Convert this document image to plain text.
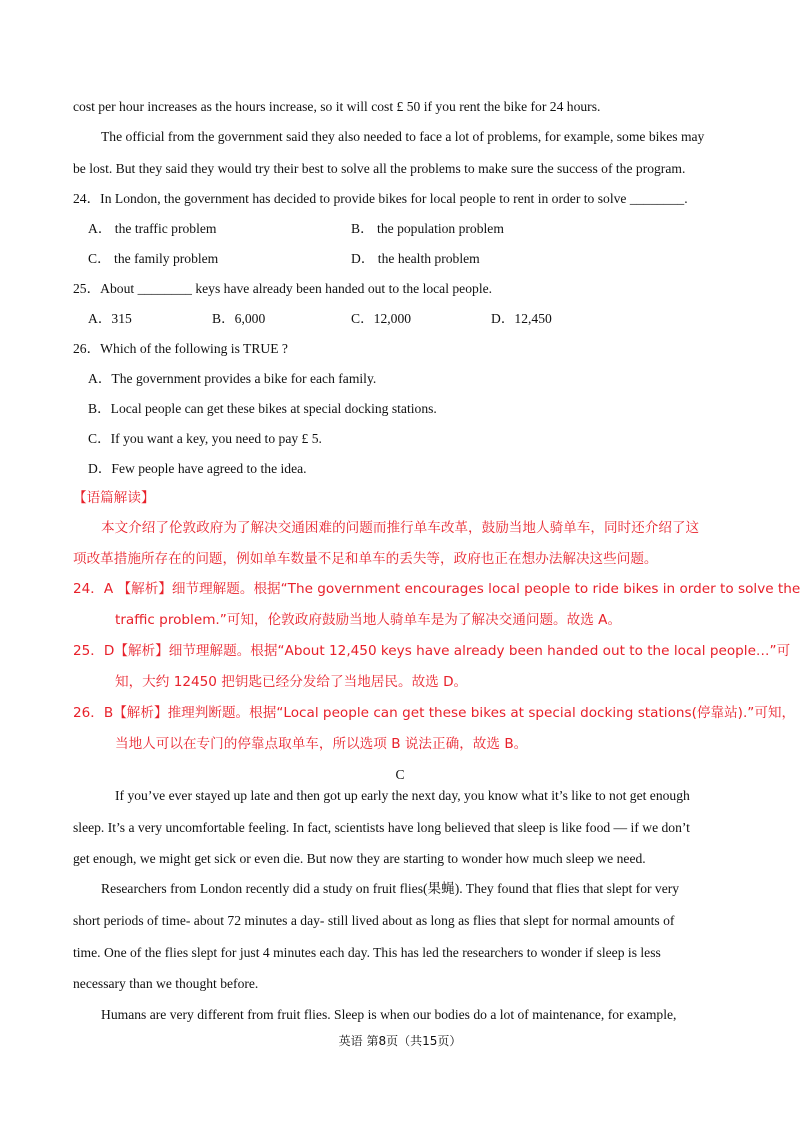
cost per hour increases as the hours increase, so it will cost £ 50 if you rent the bike for 24 hours.
The official from the government said they also needed to face a lot of problems, for example, some bikes may
be lost. But they said they would try their best to solve all the problems to make sure the success of the program.
24．In London, the government has decided to provide bikes for local people to rent in order to solve ________.
A． the traffic problem	B． the population problem
C． the family problem	D． the health problem
25．About ________ keys have already been handed out to the local people.
A．315	B．6,000	C．12,000	D．12,450
26．Which of the following is TRUE ?
A．The government provides a bike for each family.
B．Local people can get these bikes at special docking stations.
C．If you want a key, you need to pay £ 5.
D．Few people have agreed to the idea.
【语篇解读】
本文介绍了伦敦政府为了解决交通困难的问题而推行单车改革，鼓励当地人骑单车，同时还介绍了这
项改革措施所存在的问题，例如单车数量不足和单车的丢失等，政府也正在想办法解决这些问题。
24．A 【解析】细节理解题。根据“The government encourages local people to ride bikes in order to solve the
traffic problem.”可知，伦敦政府鼓励当地人骑单车是为了解决交通问题。故选 A。
25．D【解析】细节理解题。根据“About 12,450 keys have already been handed out to the local people…”可
知，大约 12450 把钥匙已经分发给了当地居民。故选 D。
26．B【解析】推理判断题。根据“Local people can get these bikes at special docking stations(停靠站).”可知，
当地人可以在专门的停靠点取单车，所以选项 B 说法正确，故选 B。
C
If you’ve ever stayed up late and then got up early the next day, you know what it’s like to not get enough
sleep. It’s a very uncomfortable feeling. In fact, scientists have long believed that sleep is like food — if we don’t
get enough, we might get sick or even die. But now they are starting to wonder how much sleep we need.
Researchers from London recently did a study on fruit flies(果蝇). They found that flies that slept for very
short periods of time- about 72 minutes a day- still lived about as long as flies that slept for normal amounts of
time. One of the flies slept for just 4 minutes each day. This has led the researchers to wonder if sleep is less
necessary than we thought before.
Humans are very different from fruit flies. Sleep is when our bodies do a lot of maintenance, for example,
英语 第8页（共15页）
